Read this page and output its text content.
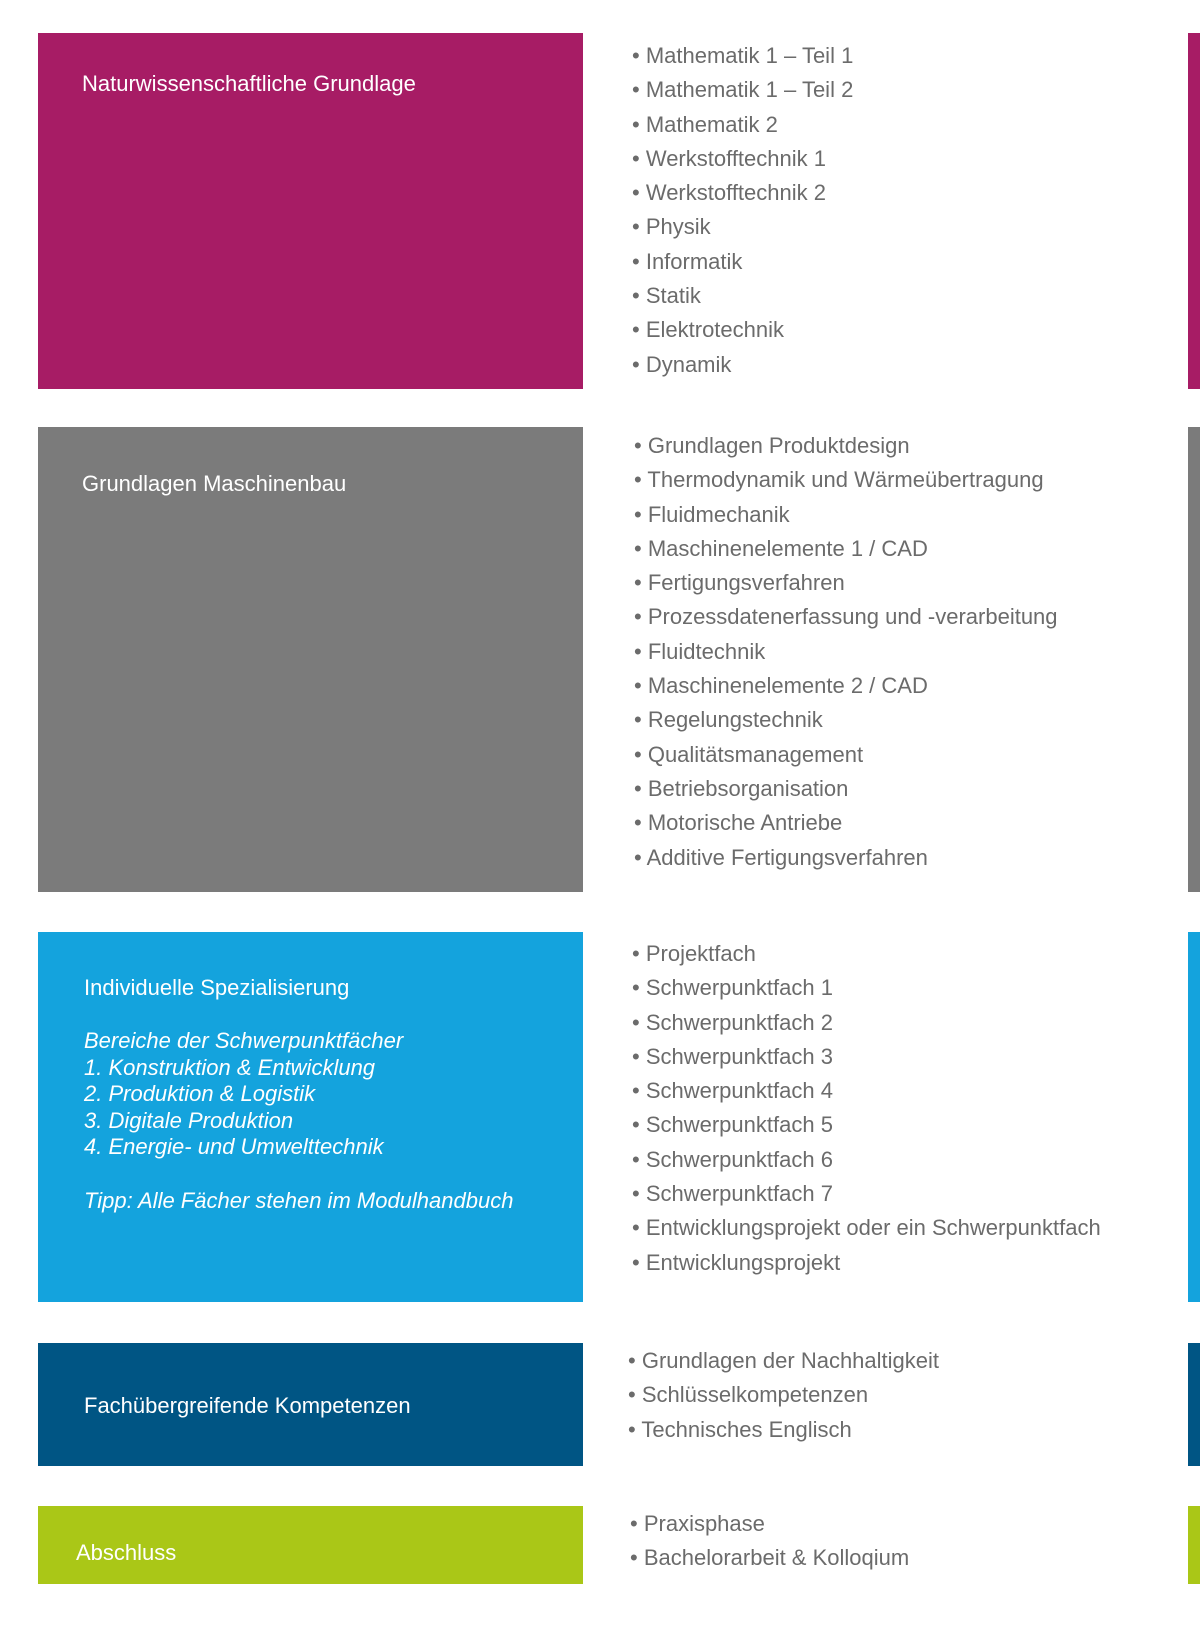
Naturwissenschaftliche Grundlage
• Mathematik 1 – Teil 1
• Mathematik 1 – Teil 2
• Mathematik 2
• Werkstofftechnik 1
• Werkstofftechnik 2
• Physik
• Informatik
• Statik
• Elektrotechnik
• Dynamik
Grundlagen Maschinenbau
• Grundlagen Produktdesign
• Thermodynamik und Wärmeübertragung
• Fluidmechanik
• Maschinenelemente 1 / CAD
• Fertigungsverfahren
• Prozessdatenerfassung und -verarbeitung
• Fluidtechnik
• Maschinenelemente 2 / CAD
• Regelungstechnik
• Qualitätsmanagement
• Betriebsorganisation
• Motorische Antriebe
• Additive Fertigungsverfahren
Individuelle Spezialisierung
Bereiche der Schwerpunktfächer
1. Konstruktion & Entwicklung
2. Produktion & Logistik
3. Digitale Produktion
4. Energie- und Umwelttechnik
Tipp: Alle Fächer stehen im Modulhandbuch
• Projektfach
• Schwerpunktfach 1
• Schwerpunktfach 2
• Schwerpunktfach 3
• Schwerpunktfach 4
• Schwerpunktfach 5
• Schwerpunktfach 6
• Schwerpunktfach 7
• Entwicklungsprojekt oder ein Schwerpunktfach
• Entwicklungsprojekt
Fachübergreifende Kompetenzen
• Grundlagen der Nachhaltigkeit
• Schlüsselkompetenzen
• Technisches Englisch
Abschluss
• Praxisphase
• Bachelorarbeit & Kolloqium
